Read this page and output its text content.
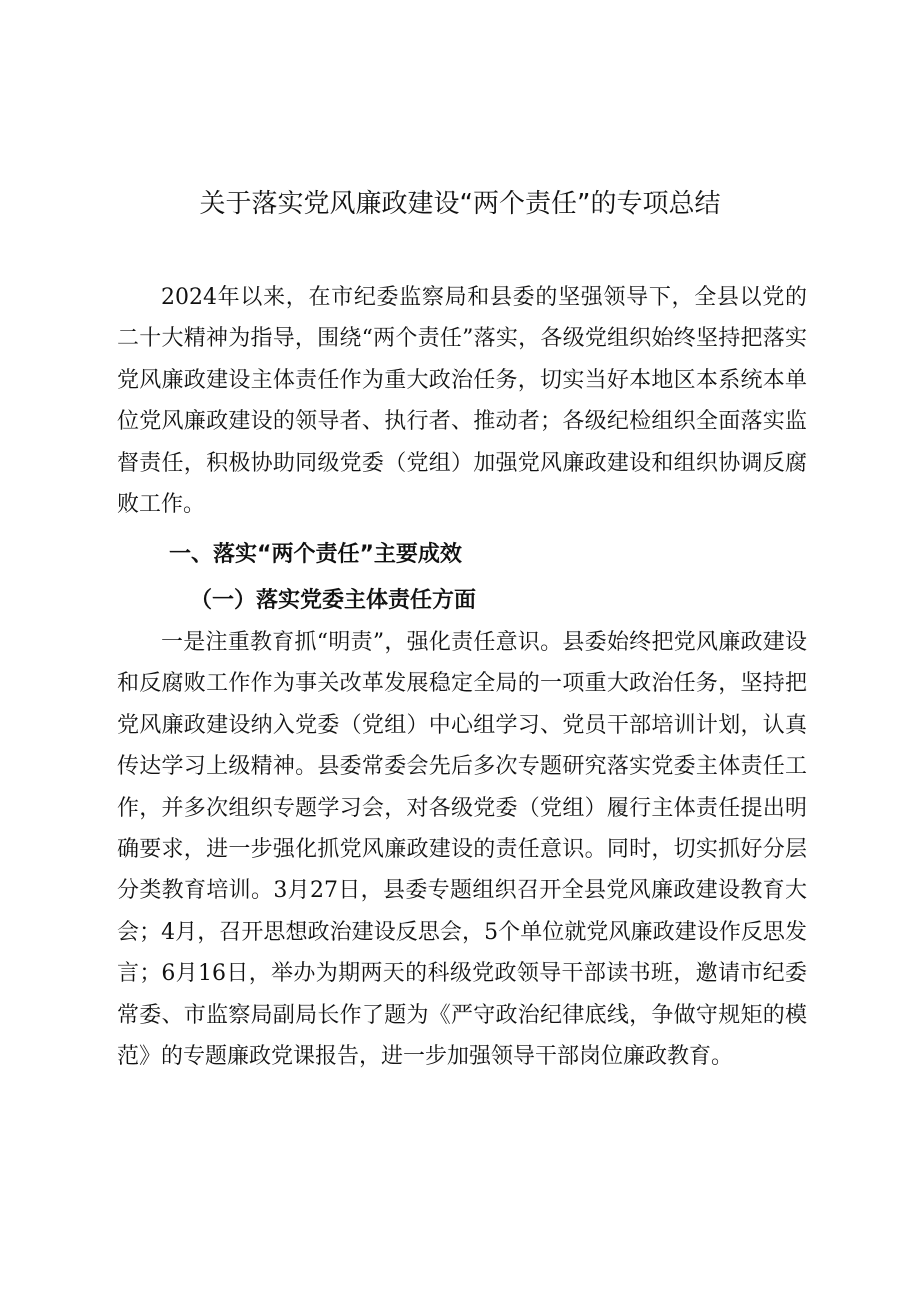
关于落实党风廉政建设“两个责任”的专项总结

2024年以来，在市纪委监察局和县委的坚强领导下，全县以党的二十大精神为指导，围绕“两个责任”落实，各级党组织始终坚持把落实党风廉政建设主体责任作为重大政治任务，切实当好本地区本系统本单位党风廉政建设的领导者、执行者、推动者；各级纪检组织全面落实监督责任，积极协助同级党委（党组）加强党风廉政建设和组织协调反腐败工作。

一、落实“两个责任”主要成效
（一）落实党委主体责任方面

一是注重教育抓“明责”，强化责任意识。县委始终把党风廉政建设和反腐败工作作为事关改革发展稳定全局的一项重大政治任务，坚持把党风廉政建设纳入党委（党组）中心组学习、党员干部培训计划，认真传达学习上级精神。县委常委会先后多次专题研究落实党委主体责任工作，并多次组织专题学习会，对各级党委（党组）履行主体责任提出明确要求，进一步强化抓党风廉政建设的责任意识。同时，切实抓好分层分类教育培训。3月27日，县委专题组织召开全县党风廉政建设教育大会；4月，召开思想政治建设反思会，5个单位就党风廉政建设作反思发言；6月16日，举办为期两天的科级党政领导干部读书班，邀请市纪委常委、市监察局副局长作了题为《严守政治纪律底线，争做守规矩的模范》的专题廉政党课报告，进一步加强领导干部岗位廉政教育。
